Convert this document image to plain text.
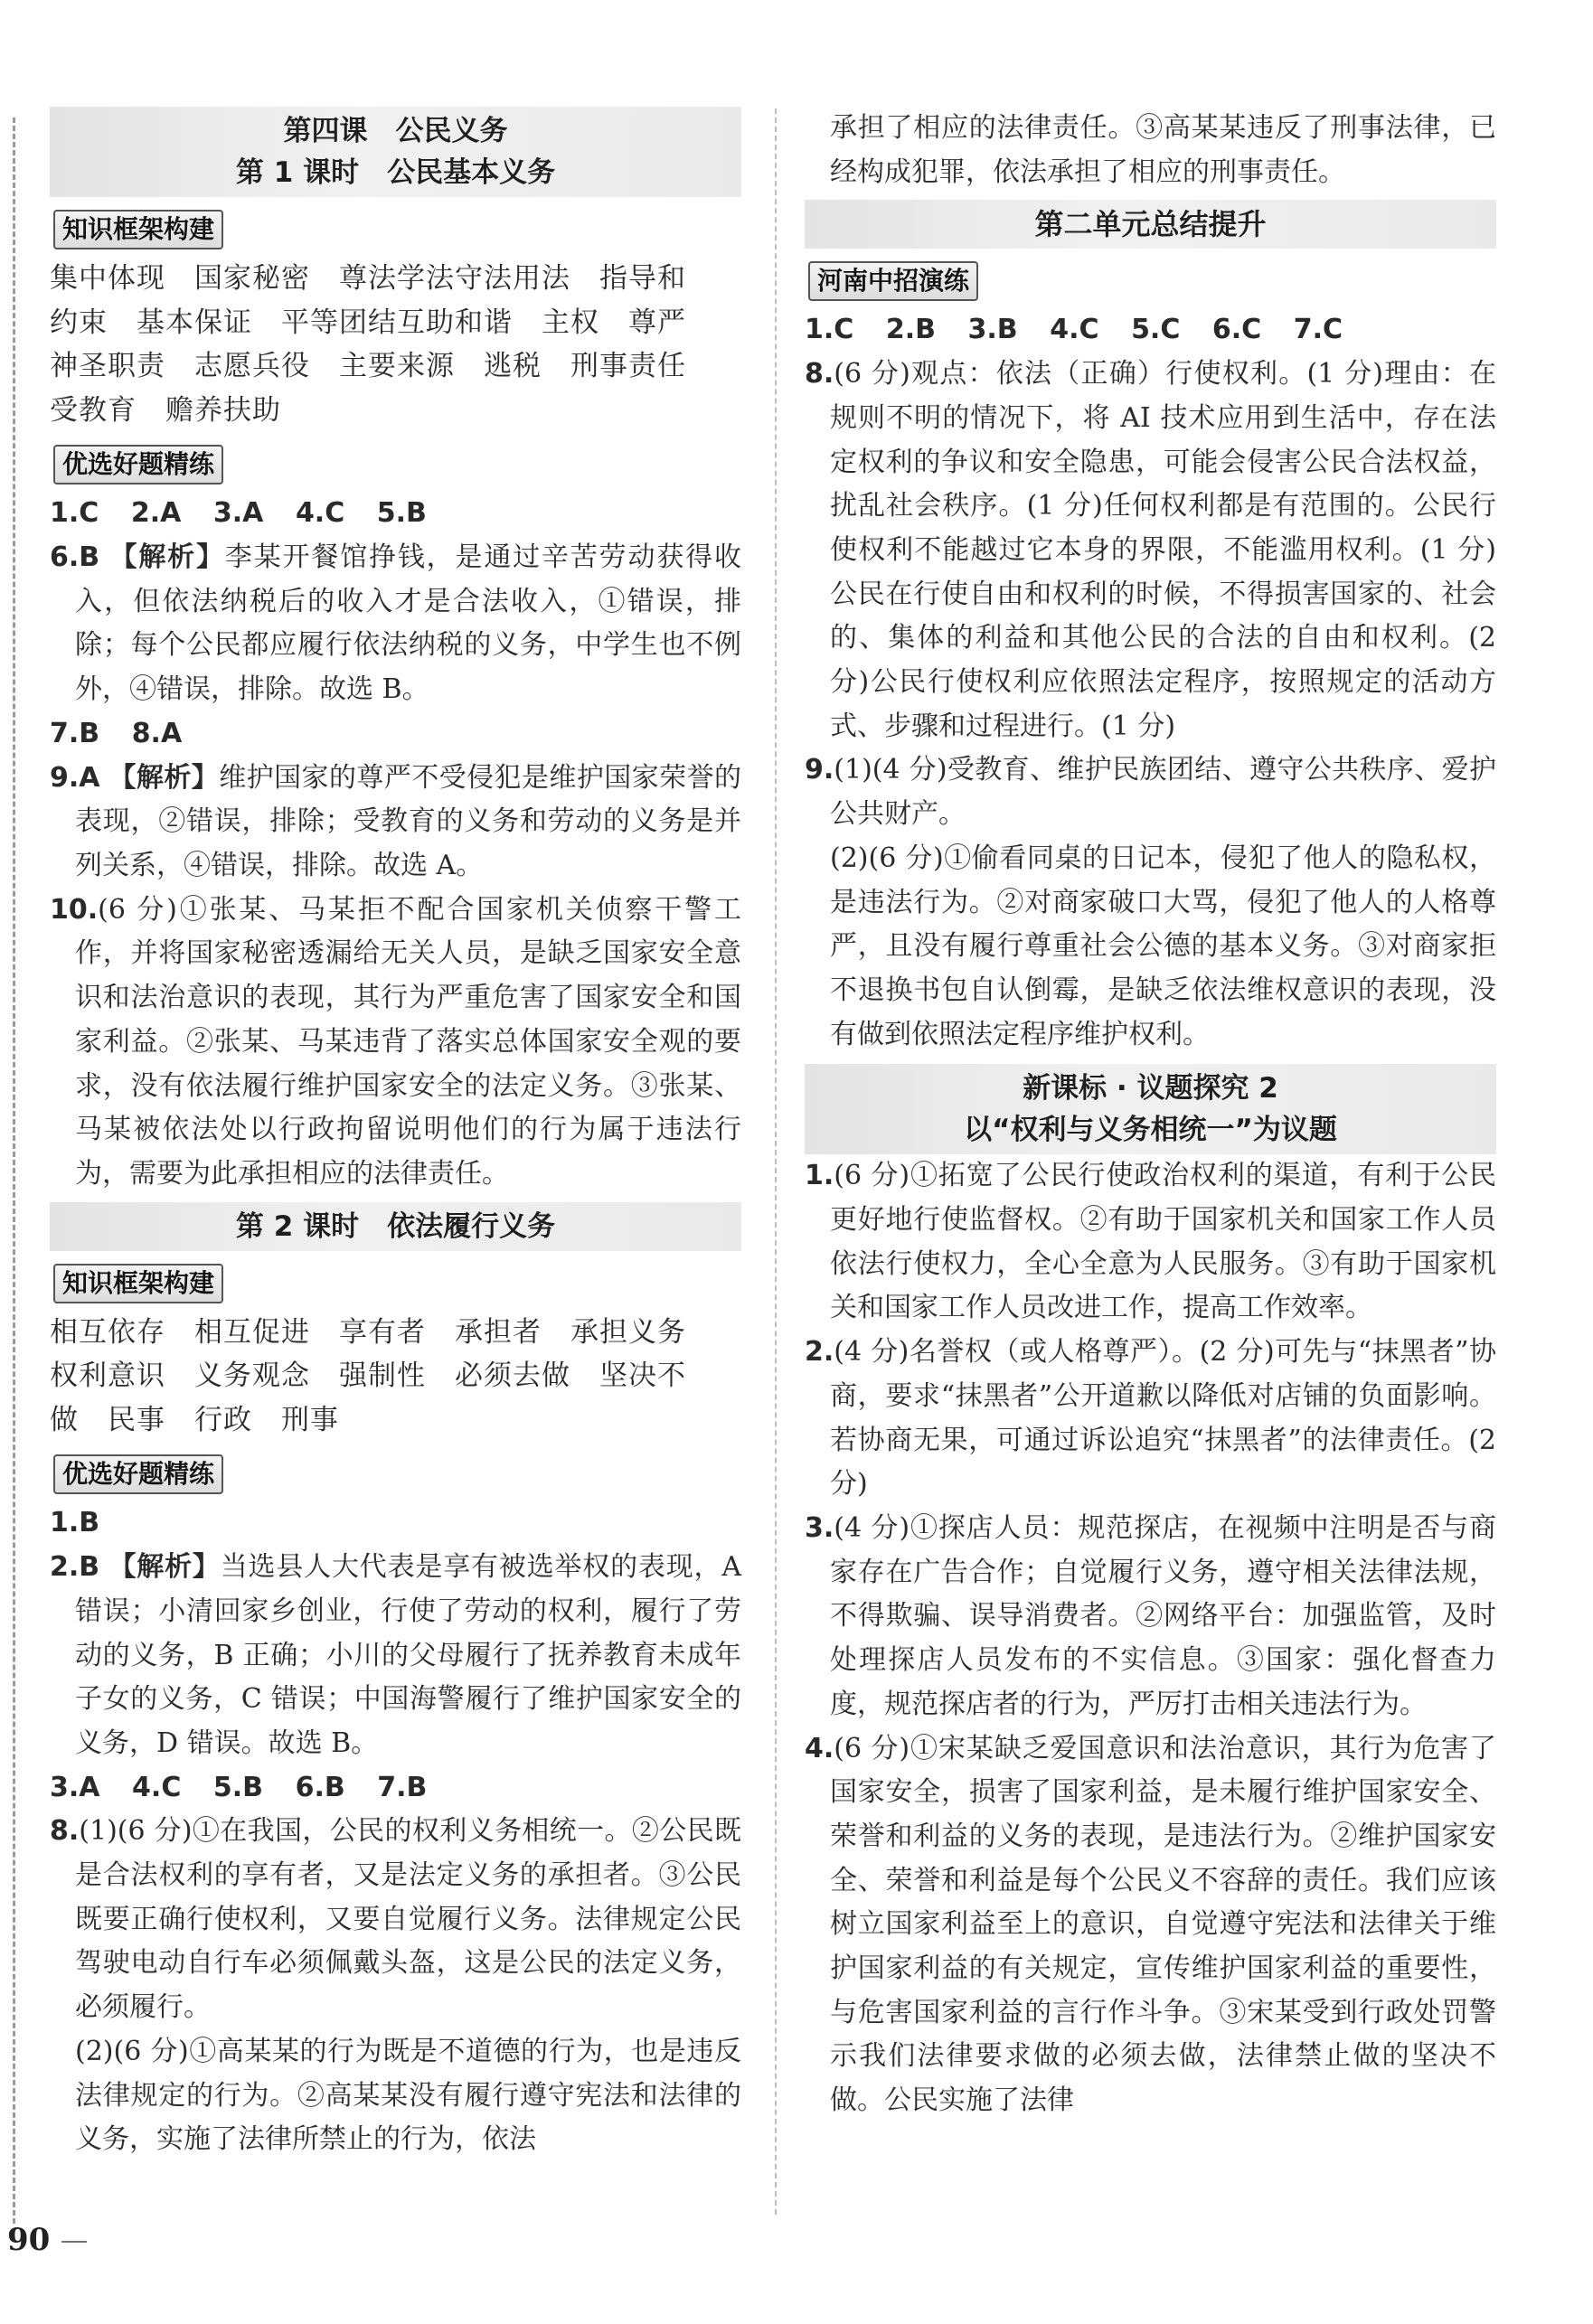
第四课　公民义务
第 1 课时　公民基本义务
知识框架构建
集中体现　国家秘密　尊法学法守法用法　指导和
约束　基本保证　平等团结互助和谐　主权　尊严
神圣职责　志愿兵役　主要来源　逃税　刑事责任
受教育　赡养扶助
优选好题精练
1.C 2.A 3.A 4.C 5.B
6.B 【解析】李某开餐馆挣钱，是通过辛苦劳动获得收入，但依法纳税后的收入才是合法收入，①错误，排除；每个公民都应履行依法纳税的义务，中学生也不例外，④错误，排除。故选 B。
7.B 8.A
9.A 【解析】维护国家的尊严不受侵犯是维护国家荣誉的表现，②错误，排除；受教育的义务和劳动的义务是并列关系，④错误，排除。故选 A。
10.(6 分)①张某、马某拒不配合国家机关侦察干警工作，并将国家秘密透漏给无关人员，是缺乏国家安全意识和法治意识的表现，其行为严重危害了国家安全和国家利益。②张某、马某违背了落实总体国家安全观的要求，没有依法履行维护国家安全的法定义务。③张某、马某被依法处以行政拘留说明他们的行为属于违法行为，需要为此承担相应的法律责任。
第 2 课时　依法履行义务
知识框架构建
相互依存　相互促进　享有者　承担者　承担义务
权利意识　义务观念　强制性　必须去做　坚决不
做　民事　行政　刑事
优选好题精练
1.B
2.B 【解析】当选县人大代表是享有被选举权的表现，A 错误；小清回家乡创业，行使了劳动的权利，履行了劳动的义务，B 正确；小川的父母履行了抚养教育未成年子女的义务，C 错误；中国海警履行了维护国家安全的义务，D 错误。故选 B。
3.A 4.C 5.B 6.B 7.B
8.(1)(6 分)①在我国，公民的权利义务相统一。②公民既是合法权利的享有者，又是法定义务的承担者。③公民既要正确行使权利，又要自觉履行义务。法律规定公民驾驶电动自行车必须佩戴头盔，这是公民的法定义务，必须履行。
(2)(6 分)①高某某的行为既是不道德的行为，也是违反法律规定的行为。②高某某没有履行遵守宪法和法律的义务，实施了法律所禁止的行为，依法
承担了相应的法律责任。③高某某违反了刑事法律，已经构成犯罪，依法承担了相应的刑事责任。
第二单元总结提升
河南中招演练
1.C 2.B 3.B 4.C 5.C 6.C 7.C
8.(6 分)观点：依法（正确）行使权利。(1 分)理由：在规则不明的情况下，将 AI 技术应用到生活中，存在法定权利的争议和安全隐患，可能会侵害公民合法权益，扰乱社会秩序。(1 分)任何权利都是有范围的。公民行使权利不能越过它本身的界限，不能滥用权利。(1 分)公民在行使自由和权利的时候，不得损害国家的、社会的、集体的利益和其他公民的合法的自由和权利。(2 分)公民行使权利应依照法定程序，按照规定的活动方式、步骤和过程进行。(1 分)
9.(1)(4 分)受教育、维护民族团结、遵守公共秩序、爱护公共财产。
(2)(6 分)①偷看同桌的日记本，侵犯了他人的隐私权，是违法行为。②对商家破口大骂，侵犯了他人的人格尊严，且没有履行尊重社会公德的基本义务。③对商家拒不退换书包自认倒霉，是缺乏依法维权意识的表现，没有做到依照法定程序维护权利。
新课标 · 议题探究 2
以“权利与义务相统一”为议题
1.(6 分)①拓宽了公民行使政治权利的渠道，有利于公民更好地行使监督权。②有助于国家机关和国家工作人员依法行使权力，全心全意为人民服务。③有助于国家机关和国家工作人员改进工作，提高工作效率。
2.(4 分)名誉权（或人格尊严）。(2 分)可先与“抹黑者”协商，要求“抹黑者”公开道歉以降低对店铺的负面影响。若协商无果，可通过诉讼追究“抹黑者”的法律责任。(2 分)
3.(4 分)①探店人员：规范探店，在视频中注明是否与商家存在广告合作；自觉履行义务，遵守相关法律法规，不得欺骗、误导消费者。②网络平台：加强监管，及时处理探店人员发布的不实信息。③国家：强化督查力度，规范探店者的行为，严厉打击相关违法行为。
4.(6 分)①宋某缺乏爱国意识和法治意识，其行为危害了国家安全，损害了国家利益，是未履行维护国家安全、荣誉和利益的义务的表现，是违法行为。②维护国家安全、荣誉和利益是每个公民义不容辞的责任。我们应该树立国家利益至上的意识，自觉遵守宪法和法律关于维护国家利益的有关规定，宣传维护国家利益的重要性，与危害国家利益的言行作斗争。③宋某受到行政处罚警示我们法律要求做的必须去做，法律禁止做的坚决不做。公民实施了法律
90
